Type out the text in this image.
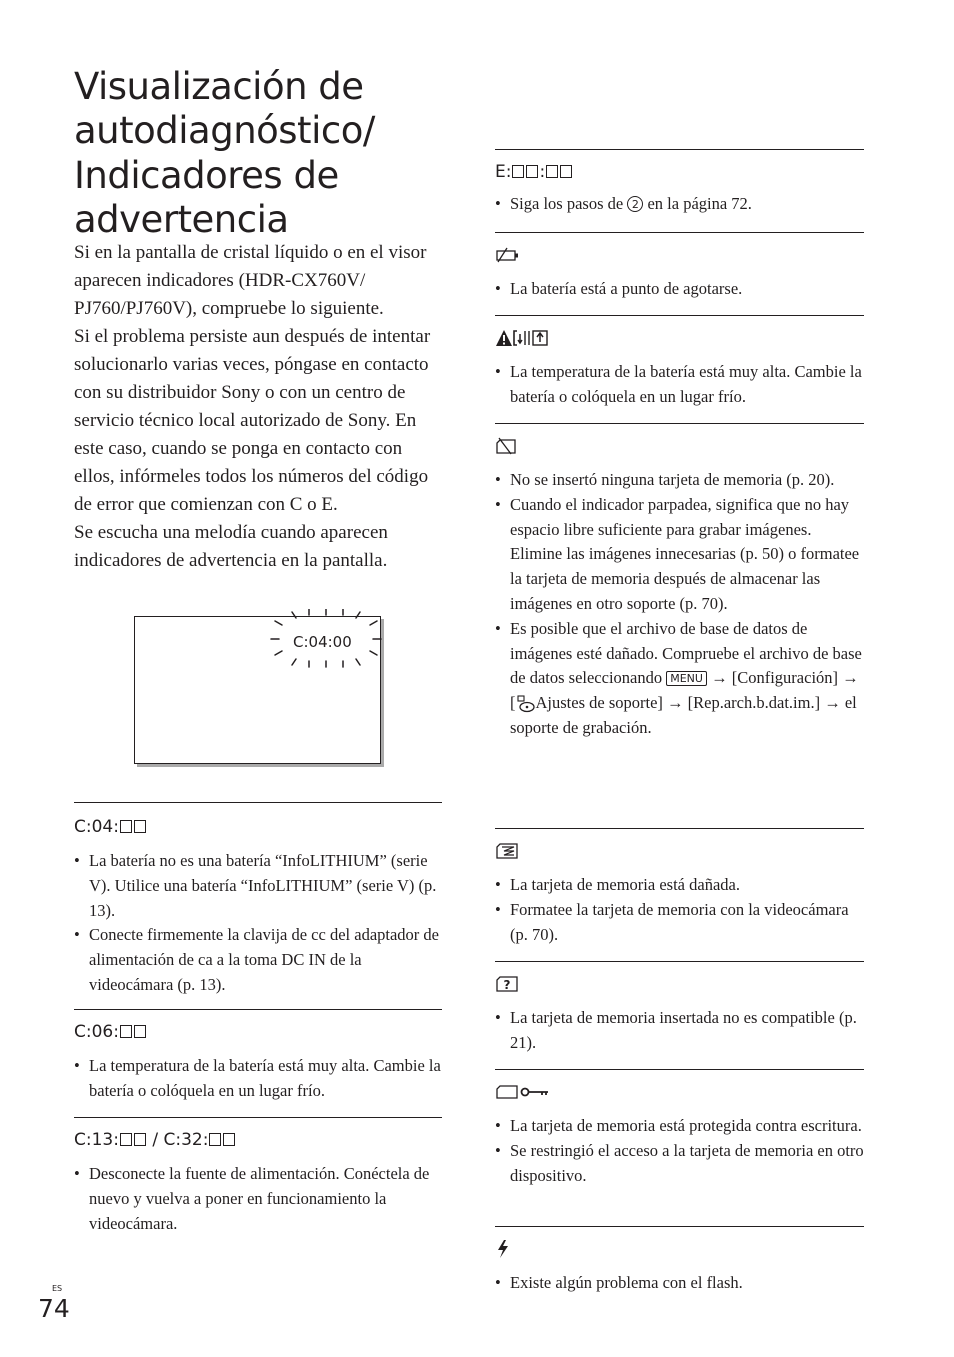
Visualización de
autodiagnóstico/
Indicadores de
advertencia

Si en la pantalla de cristal líquido o en el visor aparecen indicadores (HDR-CX760V/ PJ760/PJ760V), compruebe lo siguiente.

Si el problema persiste aun después de intentar solucionarlo varias veces, póngase en contacto con su distribuidor Sony o con un centro de servicio técnico local autorizado de Sony. En este caso, cuando se ponga en contacto con ellos, infórmeles todos los números del código de error que comienzan con C o E.

Se escucha una melodía cuando aparecen indicadores de advertencia en la pantalla.

C:04:00
C:04:
• La batería no es una batería “InfoLITHIUM” (serie V). Utilice una batería “InfoLITHIUM” (serie V) (p. 13).
• Conecte firmemente la clavija de cc del adaptador de alimentación de ca a la toma DC IN de la videocámara (p. 13).
C:06:
• La temperatura de la batería está muy alta. Cambie la batería o colóquela en un lugar frío.
C:13: / C:32:
• Desconecte la fuente de alimentación. Conéctela de nuevo y vuelva a poner en funcionamiento la videocámara.
E: :
• Siga los pasos de 2 en la página 72.
• La batería está a punto de agotarse.
• La temperatura de la batería está muy alta. Cambie la batería o colóquela en un lugar frío.
• No se insertó ninguna tarjeta de memoria (p. 20).
• Cuando el indicador parpadea, significa que no hay espacio libre suficiente para grabar imágenes. Elimine las imágenes innecesarias (p. 50) o formatee la tarjeta de memoria después de almacenar las imágenes en otro soporte (p. 70).
• Es posible que el archivo de base de datos de imágenes esté dañado. Compruebe el archivo de base de datos seleccionando MENU → [Configuración] → [ Ajustes de soporte] → [Rep.arch.b.dat.im.] → el soporte de grabación.
• La tarjeta de memoria está dañada.
• Formatee la tarjeta de memoria con la videocámara (p. 70).
?
• La tarjeta de memoria insertada no es compatible (p. 21).
• La tarjeta de memoria está protegida contra escritura.
• Se restringió el acceso a la tarjeta de memoria en otro dispositivo.
• Existe algún problema con el flash.
ES
74
